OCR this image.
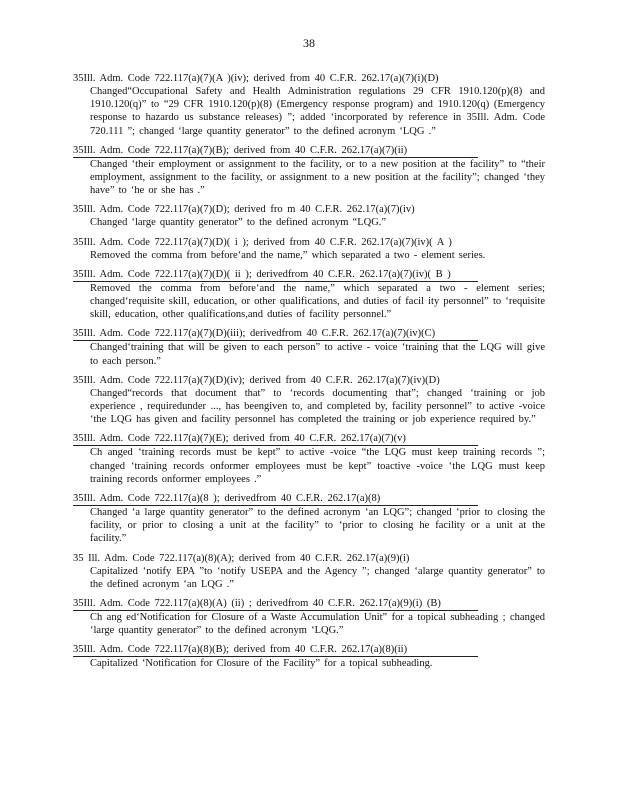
38
35Ill. Adm. Code 722.117(a)(7)(A )(iv); derived from 40 C.F.R. 262.17(a)(7)(i)(D)
Changed“Occupational Safety and Health Administration regulations 29 CFR 1910.120(p)(8) and 1910.120(q)” to “29 CFR 1910.120(p)(8) (Emergency response program) and 1910.120(q) (Emergency response to hazardo us substance releases) ”; added ‘incorporated by reference in 35Ill. Adm. Code 720.111 ”; changed ‘large quantity generator” to the defined acronym ‘LQG .”
35Ill. Adm. Code 722.117(a)(7)(B); derived from 40 C.F.R. 262.17(a)(7)(ii)
Changed ‘their employment or assignment to the facility, or to a new position at the facility” to “their employment, assignment to the facility, or assignment to a new position at the facility”; changed ‘they have” to ‘he or she has .”
35Ill. Adm. Code 722.117(a)(7)(D); derived fro m 40 C.F.R. 262.17(a)(7)(iv)
Changed ‘large quantity generator” to the defined acronym “LQG.”
35Ill. Adm. Code 722.117(a)(7)(D)( i ); derived from 40 C.F.R. 262.17(a)(7)(iv)( A )
Removed the comma from before‘and the name,” which separated a two - element series.
35Ill. Adm. Code 722.117(a)(7)(D)( ii ); derivedfrom 40 C.F.R. 262.17(a)(7)(iv)( B )
Removed the comma from before‘and the name,” which separated a two - element series; changed‘requisite skill, education, or other qualifications, and duties of facil ity personnel” to ‘requisite skill, education, other qualifications,and duties of facility personnel.”
35Ill. Adm. Code 722.117(a)(7)(D)(iii); derivedfrom 40 C.F.R. 262.17(a)(7)(iv)(C)
Changed‘training that will be given to each person” to active - voice ‘training that the LQG will give to each person.”
35Ill. Adm. Code 722.117(a)(7)(D)(iv); derived from 40 C.F.R. 262.17(a)(7)(iv)(D)
Changed“records that document that” to ‘records documenting that”; changed ‘training or job experience , requiredunder ..., has beengiven to, and completed by, facility personnel” to active -voice ‘the LQG has given and facility personnel has completed the training or job experience required by.”
35Ill. Adm. Code 722.117(a)(7)(E); derived from 40 C.F.R. 262.17(a)(7)(v)
Ch anged ‘training records must be kept” to active -voice “the LQG must keep training records ”; changed ‘training records onformer employees must be kept” toactive -voice ‘the LQG must keep training records onformer employees .”
35Ill. Adm. Code 722.117(a)(8 ); derivedfrom 40 C.F.R. 262.17(a)(8)
Changed ‘a large quantity generator” to the defined acronym ‘an LQG”; changed ‘prior to closing the facility, or prior to closing a unit at the facility” to ‘prior to closing he facility or a unit at the facility.”
35 Ill. Adm. Code 722.117(a)(8)(A); derived from 40 C.F.R. 262.17(a)(9)(i)
Capitalized ‘notify EPA ”to ‘notify USEPA and the Agency ”; changed ‘alarge quantity generator” to the defined acronym ‘an LQG .”
35Ill. Adm. Code 722.117(a)(8)(A) (ii) ; derivedfrom 40 C.F.R. 262.17(a)(9)(i) (B)
Ch ang ed‘Notification for Closure of a Waste Accumulation Unit” for a topical subheading ; changed ‘large quantity generator” to the defined acronym ‘LQG.”
35Ill. Adm. Code 722.117(a)(8)(B); derived from 40 C.F.R. 262.17(a)(8)(ii)
Capitalized ‘Notification for Closure of the Facility” for a topical subheading.
